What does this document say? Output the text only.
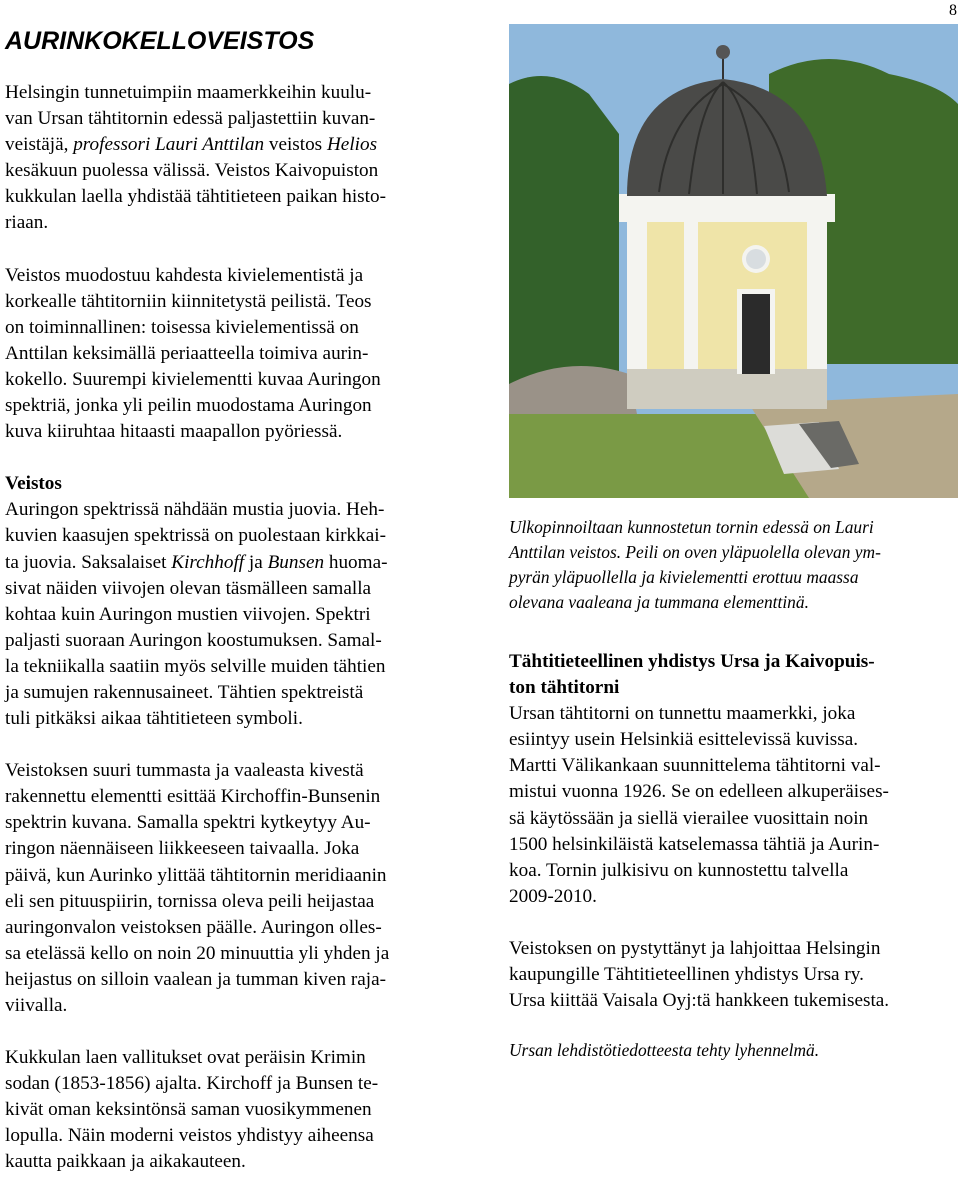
8
AURINKOKELLOVEISTOS

Helsingin tunnetuimpiin maamerkkeihin kuulu-
van Ursan tähtitornin edessä paljastettiin kuvan-
veistäjä, professori Lauri Anttilan veistos Helios
kesäkuun puolessa välissä. Veistos Kaivopuiston
kukkulan laella yhdistää tähtitieteen paikan histo-
riaan.

Veistos muodostuu kahdesta kivielementistä ja
korkealle tähtitorniin kiinnitetystä peilistä. Teos
on toiminnallinen: toisessa kivielementissä on
Anttilan keksimällä periaatteella toimiva aurin-
kokello. Suurempi kivielementti kuvaa Auringon
spektriä, jonka yli peilin muodostama Auringon
kuva kiiruhtaa hitaasti maapallon pyöriessä.

Veistos
Auringon spektrissä nähdään mustia juovia. Heh-
kuvien kaasujen spektrissä on puolestaan kirkkai-
ta juovia. Saksalaiset Kirchhoff ja Bunsen huoma-
sivat näiden viivojen olevan täsmälleen samalla
kohtaa kuin Auringon mustien viivojen. Spektri
paljasti suoraan Auringon koostumuksen. Samal-
la tekniikalla saatiin myös selville muiden tähtien
ja sumujen rakennusaineet. Tähtien spektreistä
tuli pitkäksi aikaa tähtitieteen symboli.

Veistoksen suuri tummasta ja vaaleasta kivestä
rakennettu elementti esittää Kirchoffin-Bunsenin
spektrin kuvana. Samalla spektri kytkeytyy Au-
ringon näennäiseen liikkeeseen taivaalla. Joka
päivä, kun Aurinko ylittää tähtitornin meridiaanin
eli sen pituuspiirin, tornissa oleva peili heijastaa
auringonvalon veistoksen päälle. Auringon olles-
sa etelässä kello on noin 20 minuuttia yli yhden ja
heijastus on silloin vaalean ja tumman kiven raja-
viivalla.

Kukkulan laen vallitukset ovat peräisin Krimin
sodan (1853-1856) ajalta. Kirchoff ja Bunsen te-
kivät oman keksintönsä saman vuosikymmenen
lopulla. Näin moderni veistos yhdistyy aiheensa
kautta paikkaan ja aikakauteen.

Ulkopinnoiltaan kunnostetun tornin edessä on Lauri
Anttilan veistos. Peili on oven yläpuolella olevan ym-
pyrän yläpuollella ja kivielementti erottuu maassa
olevana vaaleana ja tummana elementtinä.

Tähtitieteellinen yhdistys Ursa ja Kaivopuis-
ton tähtitorni
Ursan tähtitorni on tunnettu maamerkki, joka
esiintyy usein Helsinkiä esittelevissä kuvissa.
Martti Välikankaan suunnittelema tähtitorni val-
mistui vuonna 1926. Se on edelleen alkuperäises-
sä käytössään ja siellä vierailee vuosittain noin
1500 helsinkiläistä katselemassa tähtiä ja Aurin-
koa. Tornin julkisivu on kunnostettu talvella
2009-2010.

Veistoksen on pystyttänyt ja lahjoittaa Helsingin
kaupungille Tähtitieteellinen yhdistys Ursa ry.
Ursa kiittää Vaisala Oyj:tä hankkeen tukemisesta.

Ursan lehdistötiedotteesta tehty lyhennelmä.
